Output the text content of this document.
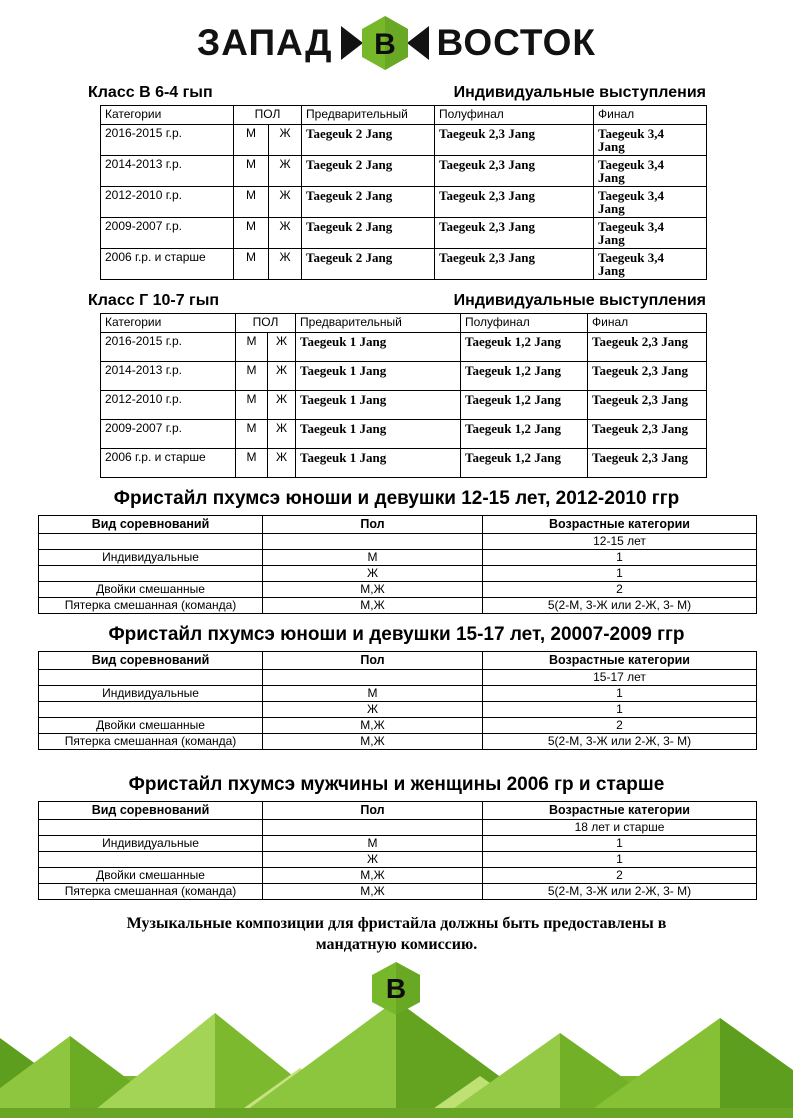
ЗАПАД В ВОСТОК
Класс В 6-4 гып	Индивидуальные выступления
Категории	ПОЛ		Предварительный	Полуфинал	Финал
2016-2015 г.р.	М	Ж	Taegeuk 2 Jang	Taegeuk 2,3 Jang	Taegeuk 3,4 Jang
2014-2013 г.р.	М	Ж	Taegeuk 2 Jang	Taegeuk 2,3 Jang	Taegeuk 3,4 Jang
2012-2010 г.р.	М	Ж	Taegeuk 2 Jang	Taegeuk 2,3 Jang	Taegeuk 3,4 Jang
2009-2007 г.р.	М	Ж	Taegeuk 2 Jang	Taegeuk 2,3 Jang	Taegeuk 3,4 Jang
2006 г.р. и старше	М	Ж	Taegeuk 2 Jang	Taegeuk 2,3 Jang	Taegeuk 3,4 Jang
Класс Г 10-7 гып	Индивидуальные выступления
Категории	ПОЛ		Предварительный	Полуфинал	Финал
2016-2015 г.р.	М	Ж	Taegeuk 1 Jang	Taegeuk 1,2 Jang	Taegeuk 2,3 Jang
2014-2013 г.р.	М	Ж	Taegeuk 1 Jang	Taegeuk 1,2 Jang	Taegeuk 2,3 Jang
2012-2010 г.р.	М	Ж	Taegeuk 1 Jang	Taegeuk 1,2 Jang	Taegeuk 2,3 Jang
2009-2007 г.р.	М	Ж	Taegeuk 1 Jang	Taegeuk 1,2 Jang	Taegeuk 2,3 Jang
2006 г.р. и старше	М	Ж	Taegeuk 1 Jang	Taegeuk 1,2 Jang	Taegeuk 2,3 Jang
Фристайл пхумсэ юноши и девушки 12-15 лет, 2012-2010 ггр
Вид соревнований	Пол	Возрастные категории
		12-15 лет
Индивидуальные	М	1
	Ж	1
Двойки смешанные	М,Ж	2
Пятерка смешанная (команда)	М,Ж	5(2-М, 3-Ж или 2-Ж, 3- М)
Фристайл пхумсэ юноши и девушки 15-17 лет, 20007-2009 ггр
Вид соревнований	Пол	Возрастные категории
		15-17 лет
Индивидуальные	М	1
	Ж	1
Двойки смешанные	М,Ж	2
Пятерка смешанная (команда)	М,Ж	5(2-М, 3-Ж или 2-Ж, 3- М)
Фристайл пхумсэ мужчины и женщины 2006 гр и старше
Вид соревнований	Пол	Возрастные категории
		18 лет и старше
Индивидуальные	М	1
	Ж	1
Двойки смешанные	М,Ж	2
Пятерка смешанная (команда)	М,Ж	5(2-М, 3-Ж или 2-Ж, 3- М)

Музыкальные композиции для фристайла должны быть предоставлены в мандатную комиссию.

В
